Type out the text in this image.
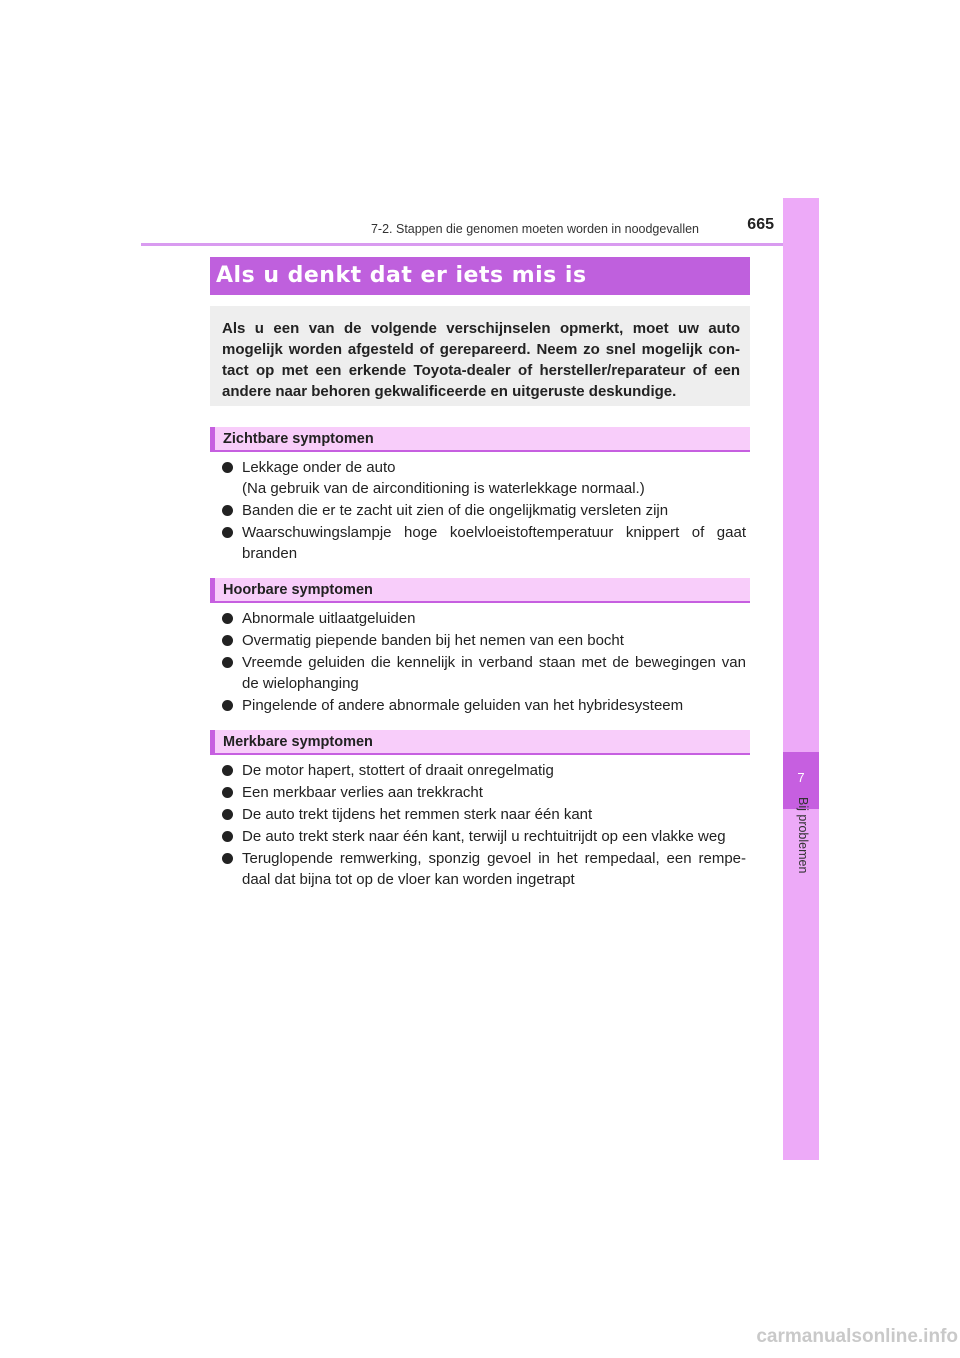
7-2. Stappen die genomen moeten worden in noodgevallen	665
7
Bij problemen
Als u denkt dat er iets mis is
Als u een van de volgende verschijnselen opmerkt, moet uw auto mogelijk worden afgesteld of gerepareerd. Neem zo snel mogelijk con-tact op met een erkende Toyota-dealer of hersteller/reparateur of een andere naar behoren gekwalificeerde en uitgeruste deskundige.
Zichtbare symptomen
Lekkage onder de auto
(Na gebruik van de airconditioning is waterlekkage normaal.)
Banden die er te zacht uit zien of die ongelijkmatig versleten zijn
Waarschuwingslampje hoge koelvloeistoftemperatuur knippert of gaat branden
Hoorbare symptomen
Abnormale uitlaatgeluiden
Overmatig piepende banden bij het nemen van een bocht
Vreemde geluiden die kennelijk in verband staan met de bewegingen van de wielophanging
Pingelende of andere abnormale geluiden van het hybridesysteem
Merkbare symptomen
De motor hapert, stottert of draait onregelmatig
Een merkbaar verlies aan trekkracht
De auto trekt tijdens het remmen sterk naar één kant
De auto trekt sterk naar één kant, terwijl u rechtuitrijdt op een vlakke weg
Teruglopende remwerking, sponzig gevoel in het rempedaal, een rempe-daal dat bijna tot op de vloer kan worden ingetrapt
carmanualsonline.info
